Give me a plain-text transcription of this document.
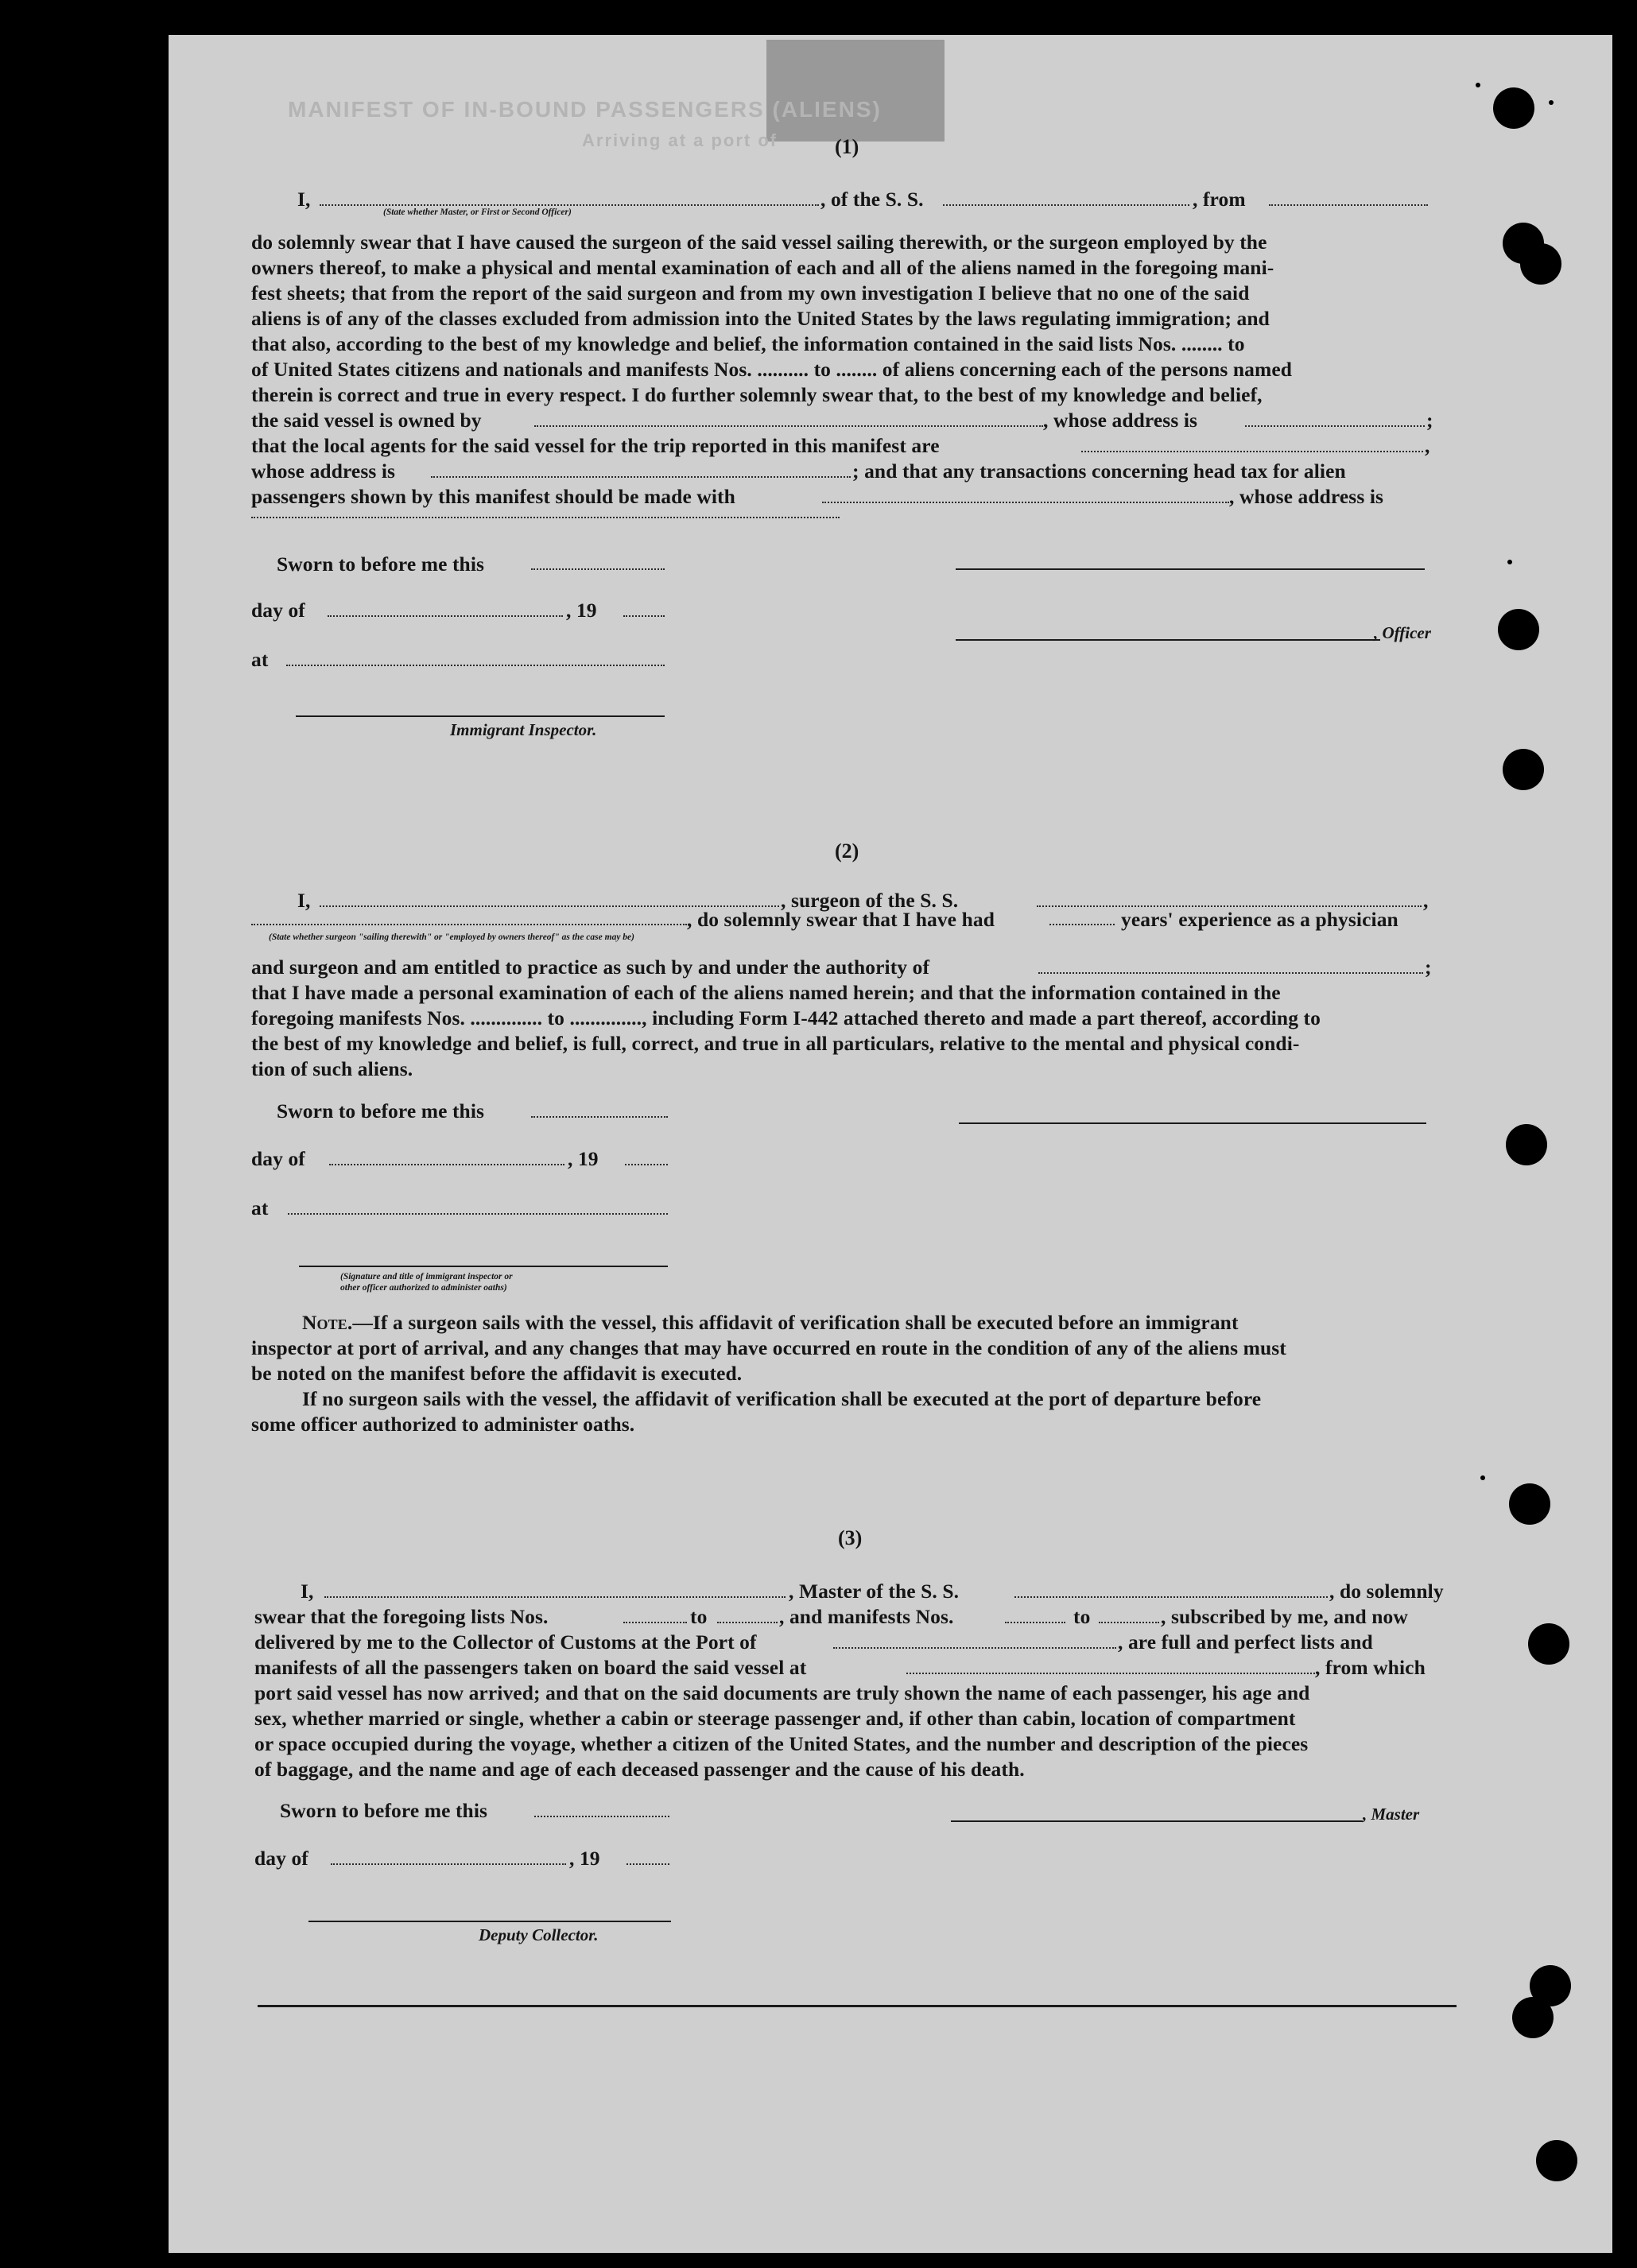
MANIFEST OF IN-BOUND PASSENGERS (ALIENS)
Arriving at a port of	(1)
I,	, of the S. S.	, from
(State whether Master, or First or Second Officer)
do solemnly swear that I have caused the surgeon of the said vessel sailing therewith, or the surgeon employed by the
owners thereof, to make a physical and mental examination of each and all of the aliens named in the foregoing mani-
fest sheets; that from the report of the said surgeon and from my own investigation I believe that no one of the said
aliens is of any of the classes excluded from admission into the United States by the laws regulating immigration; and
that also, according to the best of my knowledge and belief, the information contained in the said lists Nos. ........ to
of United States citizens and nationals and manifests Nos. .......... to ........ of aliens concerning each of the persons named
therein is correct and true in every respect. I do further solemnly swear that, to the best of my knowledge and belief,
the said vessel is owned by	, whose address is	;
that the local agents for the said vessel for the trip reported in this manifest are	,
whose address is	; and that any transactions concerning head tax for alien
passengers shown by this manifest should be made with	, whose address is
Sworn to before me this
day of	, 19
, Officer
at
Immigrant Inspector.
(2)
I,	, surgeon of the S. S.	,
, do solemnly swear that I have had	years' experience as a physician
(State whether surgeon "sailing therewith" or "employed by owners thereof" as the case may be)
and surgeon and am entitled to practice as such by and under the authority of	;
that I have made a personal examination of each of the aliens named herein; and that the information contained in the
foregoing manifests Nos. .............. to .............., including Form I-442 attached thereto and made a part thereof, according to
the best of my knowledge and belief, is full, correct, and true in all particulars, relative to the mental and physical condi-
tion of such aliens.
Sworn to before me this
day of	, 19
at
(Signature and title of immigrant inspector or
other officer authorized to administer oaths)
Note.—If a surgeon sails with the vessel, this affidavit of verification shall be executed before an immigrant
inspector at port of arrival, and any changes that may have occurred en route in the condition of any of the aliens must
be noted on the manifest before the affidavit is executed.
If no surgeon sails with the vessel, the affidavit of verification shall be executed at the port of departure before
some officer authorized to administer oaths.
(3)
I,	, Master of the S. S.	, do solemnly
swear that the foregoing lists Nos.	to	, and manifests Nos.	to	, subscribed by me, and now
delivered by me to the Collector of Customs at the Port of	, are full and perfect lists and
manifests of all the passengers taken on board the said vessel at	, from which
port said vessel has now arrived; and that on the said documents are truly shown the name of each passenger, his age and
sex, whether married or single, whether a cabin or steerage passenger and, if other than cabin, location of compartment
or space occupied during the voyage, whether a citizen of the United States, and the number and description of the pieces
of baggage, and the name and age of each deceased passenger and the cause of his death.
Sworn to before me this	, Master
day of	, 19
Deputy Collector.
